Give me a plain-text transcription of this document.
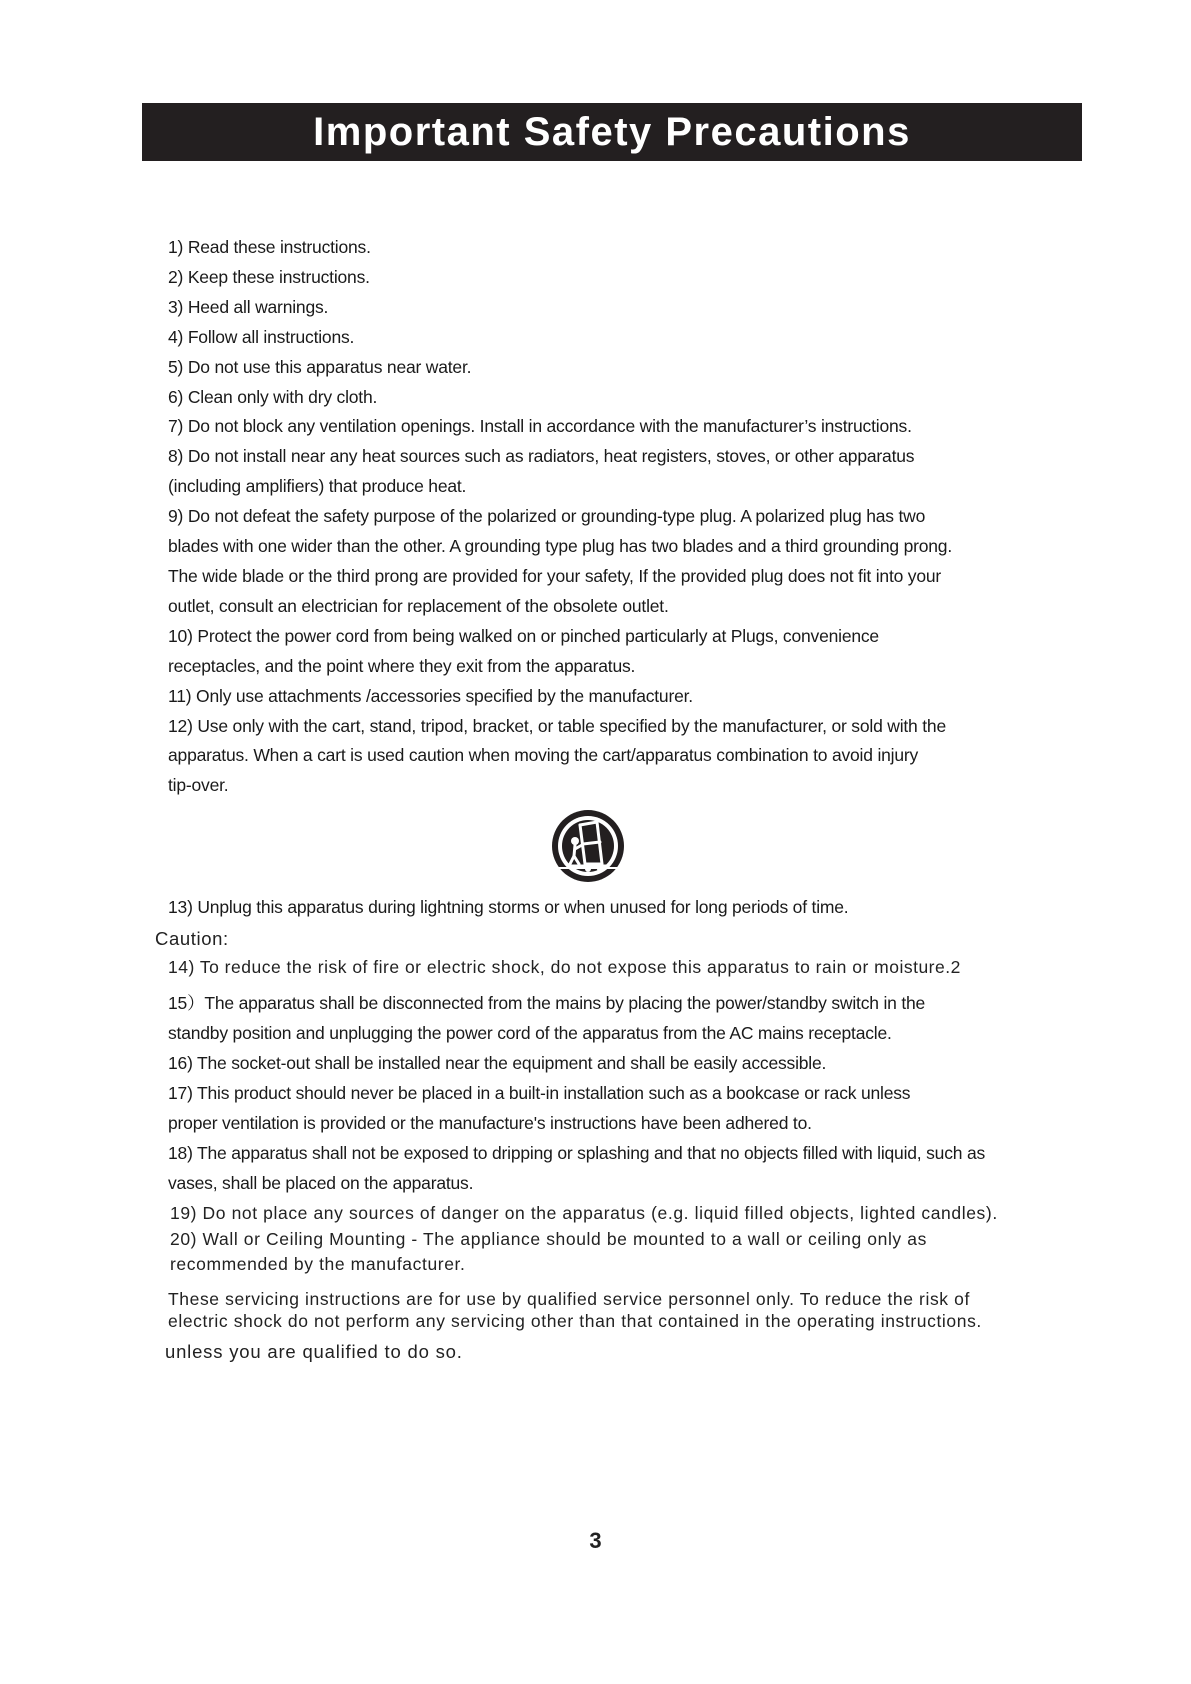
Important Safety Precautions

1) Read these instructions.

2) Keep these instructions.

3) Heed all warnings.

4) Follow all instructions.

5) Do not use this apparatus near water.

6) Clean only with dry cloth.

7) Do not block any ventilation openings. Install in accordance with the manufacturer’s instructions.

8) Do not install near any heat sources such as radiators, heat registers, stoves, or other apparatus

(including amplifiers) that produce heat.

9) Do not defeat the safety purpose of the polarized or grounding-type plug. A polarized plug has two

blades with one wider than the other. A grounding type plug has two blades and a third grounding prong.

The wide blade or the third prong are provided for your safety, If the provided plug does not fit into your

outlet, consult an electrician for replacement of the obsolete outlet.

10) Protect the power cord from being walked on or pinched particularly at Plugs, convenience

receptacles, and the point where they exit from the apparatus.

11) Only use attachments /accessories specified by the manufacturer.

12) Use only with the cart, stand, tripod, bracket, or table specified by the manufacturer, or sold with the

apparatus. When a cart is used caution when moving the cart/apparatus combination to avoid injury

tip-over.

13) Unplug this apparatus during lightning storms or when unused for long periods of time.
Caution:
14) To reduce the risk of fire or electric shock, do not expose this apparatus to rain or moisture.2

15）The apparatus shall be disconnected from the mains by placing the power/standby switch in the

standby position and unplugging the power cord of the apparatus from the AC mains receptacle.

16) The socket-out shall be installed near the equipment and shall be easily accessible.

17) This product should never be placed in a built-in installation such as a bookcase or rack unless

proper ventilation is provided or the manufacture's instructions have been adhered to.

18) The apparatus shall not be exposed to dripping or splashing and that no objects filled with liquid, such as

vases, shall be placed on the apparatus.

19) Do not place any sources of danger on the apparatus (e.g. liquid filled objects, lighted candles).

20) Wall or Ceiling Mounting - The appliance should be mounted to a wall or ceiling only as

recommended by the manufacturer.

These servicing instructions are for use by qualified service personnel only. To reduce the risk of

electric shock do not perform any servicing other than that contained in the operating instructions.

unless you are qualified to do so.
3
